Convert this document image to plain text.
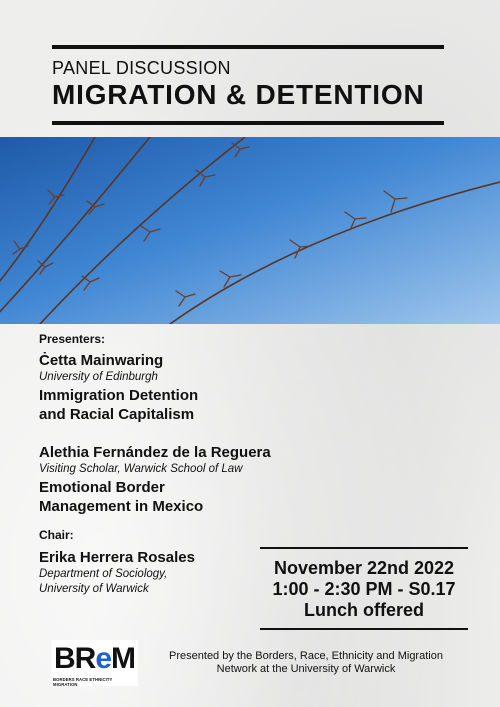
PANEL DISCUSSION
MIGRATION & DETENTION
Presenters:
Ċetta Mainwaring
University of Edinburgh
Immigration Detention
and Racial Capitalism
Alethia Fernández de la Reguera
Visiting Scholar, Warwick School of Law
Emotional Border
Management in Mexico
Chair:
Erika Herrera Rosales
Department of Sociology,
University of Warwick
November 22nd 2022
1:00 - 2:30 PM - S0.17
Lunch offered
BReM
BORDERS RACE ETHNICITY MIGRATION
Presented by the Borders, Race, Ethnicity and Migration
Network at the University of Warwick
